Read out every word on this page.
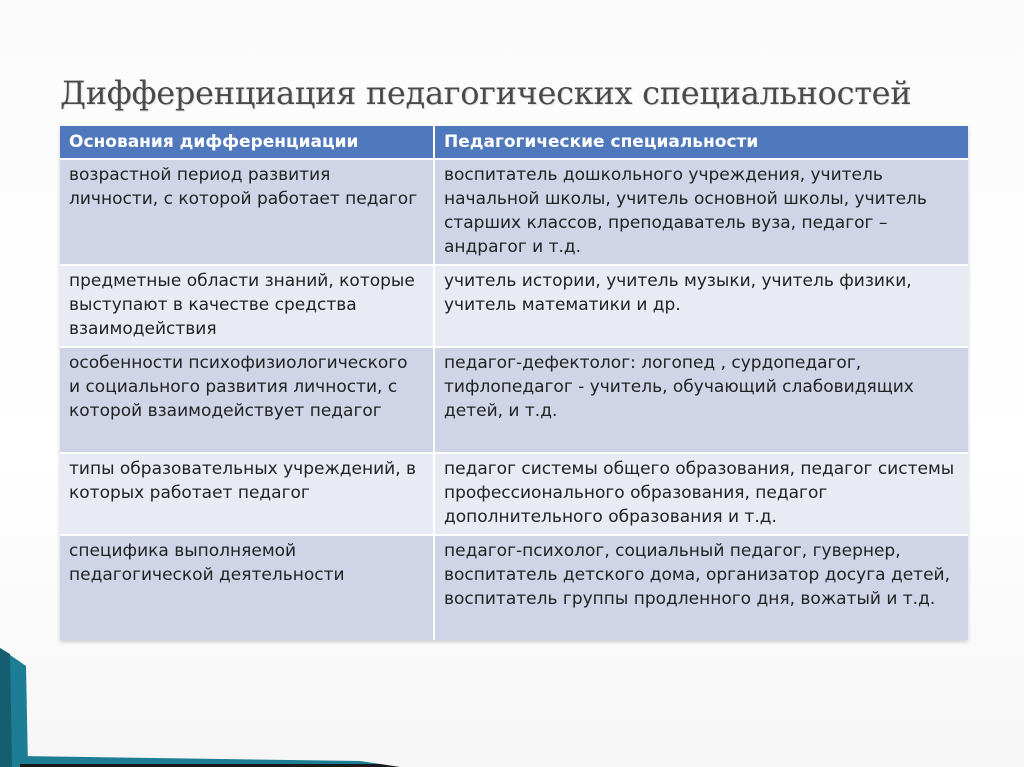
Дифференциация педагогических специальностей
Основания дифференциации	Педагогические специальности
возрастной период развития личности, с которой работает педагог	воспитатель дошкольного учреждения, учитель начальной школы, учитель основной школы, учитель старших классов, преподаватель вуза, педагог – андрагог и т.д.
предметные области знаний, которые выступают в качестве средства взаимодействия	учитель истории, учитель музыки, учитель физики, учитель математики и др.
особенности психофизиологического и социального развития личности, с которой взаимодействует педагог	педагог-дефектолог: логопед , сурдопедагог, тифлопедагог - учитель, обучающий слабовидящих детей, и т.д.
типы образовательных учреждений, в которых работает педагог	педагог системы общего образования, педагог системы профессионального образования, педагог дополнительного образования и т.д.
специфика выполняемой педагогической деятельности	педагог-психолог, социальный педагог, гувернер, воспитатель детского дома, организатор досуга детей, воспитатель группы продленного дня, вожатый и т.д.
